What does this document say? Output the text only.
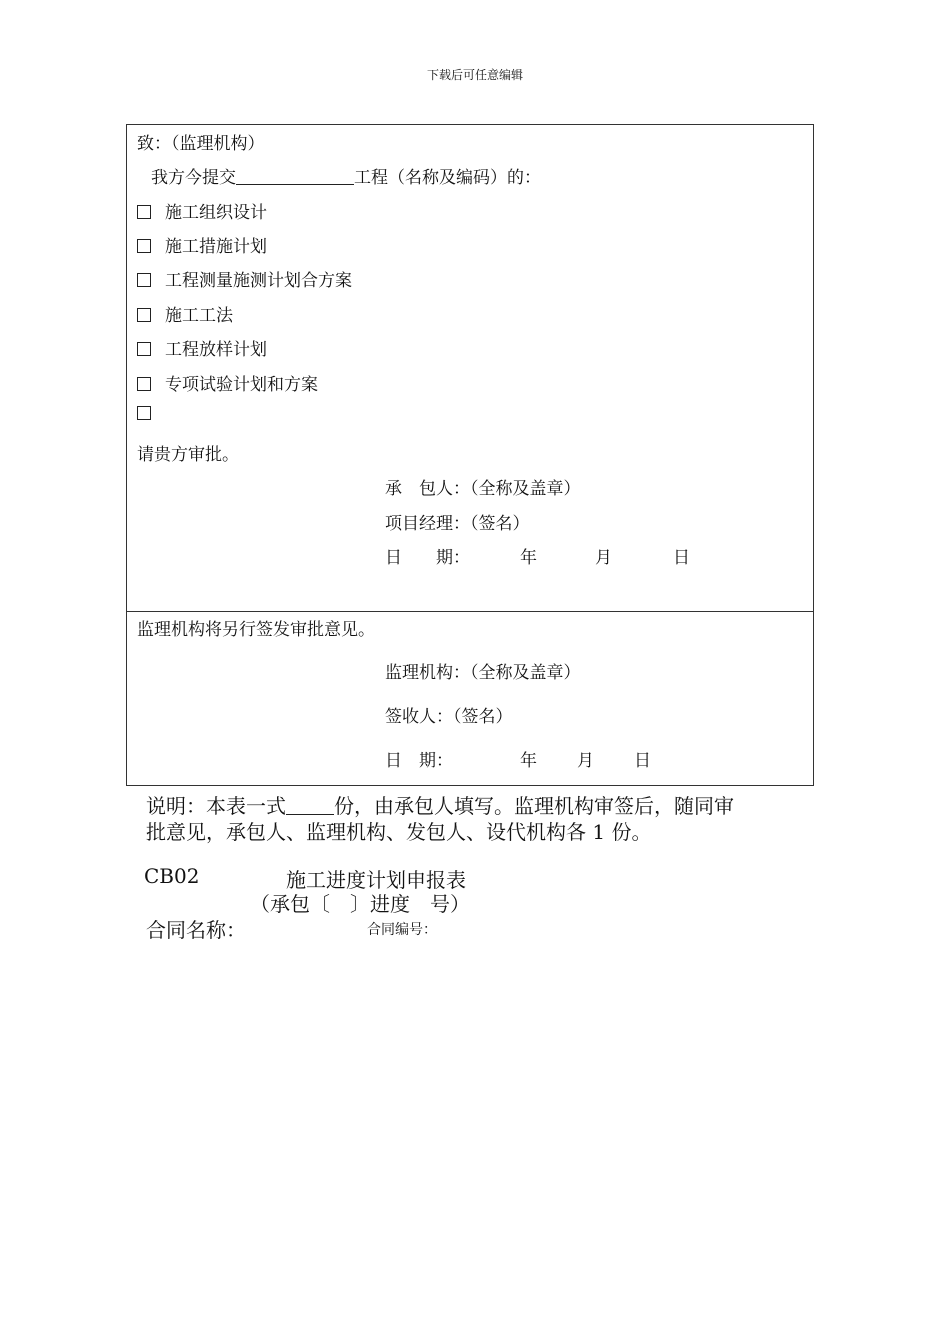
下载后可任意编辑
致：（监理机构）
我方今提交	工程（名称及编码）的：
施工组织设计
施工措施计划
工程测量施测计划合方案
施工工法
工程放样计划
专项试验计划和方案
请贵方审批。
承　包人：（全称及盖章）
项目经理：（签名）
日　　期：	年	月	日
监理机构将另行签发审批意见。
监理机构：（全称及盖章）
签收人：（签名）
日　期：	年 月 日
说明：本表一式 份，由承包人填写。监理机构审签后，随同审
批意见，承包人、监理机构、发包人、设代机构各 1 份。
CB02	施工进度计划申报表
（承包〔　〕进度　号）
合同名称：	合同编号：
